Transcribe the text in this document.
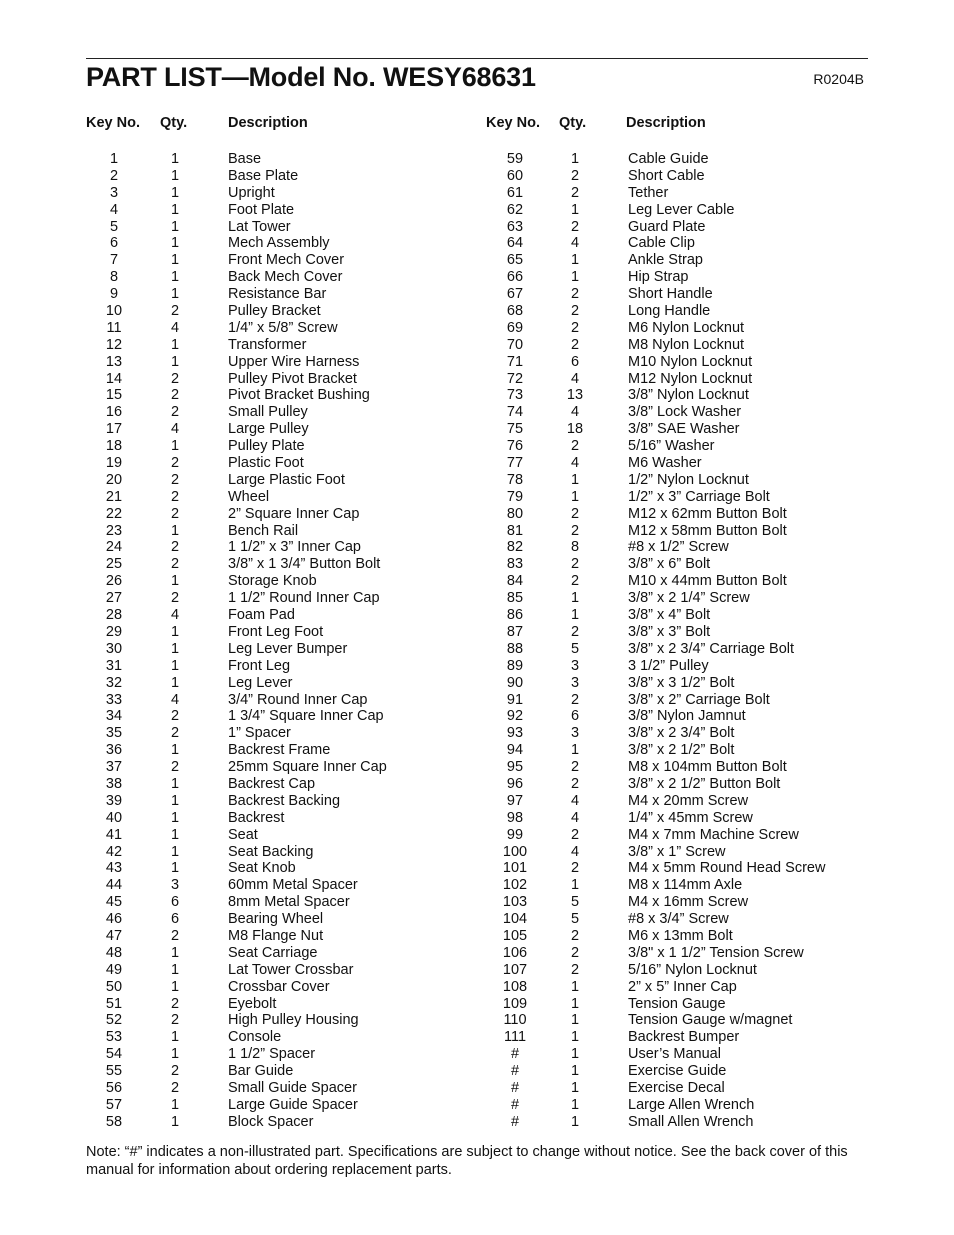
PART LIST—Model No. WESY68631	R0204B
Key No. Qty.	Description
1	1	Base
2	1	Base Plate
3	1	Upright
4	1	Foot Plate
5	1	Lat Tower
6	1	Mech Assembly
7	1	Front Mech Cover
8	1	Back Mech Cover
9	1	Resistance Bar
10	2	Pulley Bracket
11	4	1/4” x 5/8” Screw
12	1	Transformer
13	1	Upper Wire Harness
14	2	Pulley Pivot Bracket
15	2	Pivot Bracket Bushing
16	2	Small Pulley
17	4	Large Pulley
18	1	Pulley Plate
19	2	Plastic Foot
20	2	Large Plastic Foot
21	2	Wheel
22	2	2” Square Inner Cap
23	1	Bench Rail
24	2	1 1/2” x 3” Inner Cap
25	2	3/8” x 1 3/4” Button Bolt
26	1	Storage Knob
27	2	1 1/2” Round Inner Cap
28	4	Foam Pad
29	1	Front Leg Foot
30	1	Leg Lever Bumper
31	1	Front Leg
32	1	Leg Lever
33	4	3/4” Round Inner Cap
34	2	1 3/4” Square Inner Cap
35	2	1” Spacer
36	1	Backrest Frame
37	2	25mm Square Inner Cap
38	1	Backrest Cap
39	1	Backrest Backing
40	1	Backrest
41	1	Seat
42	1	Seat Backing
43	1	Seat Knob
44	3	60mm Metal Spacer
45	6	8mm Metal Spacer
46	6	Bearing Wheel
47	2	M8 Flange Nut
48	1	Seat Carriage
49	1	Lat Tower Crossbar
50	1	Crossbar Cover
51	2	Eyebolt
52	2	High Pulley Housing
53	1	Console
54	1	1 1/2” Spacer
55	2	Bar Guide
56	2	Small Guide Spacer
57	1	Large Guide Spacer
58	1	Block Spacer
Key No. Qty.	Description
59	1	Cable Guide
60	2	Short Cable
61	2	Tether
62	1	Leg Lever Cable
63	2	Guard Plate
64	4	Cable Clip
65	1	Ankle Strap
66	1	Hip Strap
67	2	Short Handle
68	2	Long Handle
69	2	M6 Nylon Locknut
70	2	M8 Nylon Locknut
71	6	M10 Nylon Locknut
72	4	M12 Nylon Locknut
73	13	3/8” Nylon Locknut
74	4	3/8” Lock Washer
75	18	3/8” SAE Washer
76	2	5/16” Washer
77	4	M6 Washer
78	1	1/2” Nylon Locknut
79	1	1/2” x 3” Carriage Bolt
80	2	M12 x 62mm Button Bolt
81	2	M12 x 58mm Button Bolt
82	8	#8 x 1/2” Screw
83	2	3/8” x 6” Bolt
84	2	M10 x 44mm Button Bolt
85	1	3/8” x 2 1/4” Screw
86	1	3/8” x 4” Bolt
87	2	3/8” x 3” Bolt
88	5	3/8” x 2 3/4” Carriage Bolt
89	3	3 1/2” Pulley
90	3	3/8” x 3 1/2” Bolt
91	2	3/8” x 2” Carriage Bolt
92	6	3/8” Nylon Jamnut
93	3	3/8” x 2 3/4” Bolt
94	1	3/8” x 2 1/2” Bolt
95	2	M8 x 104mm Button Bolt
96	2	3/8” x 2 1/2” Button Bolt
97	4	M4 x 20mm Screw
98	4	1/4” x 45mm Screw
99	2	M4 x 7mm Machine Screw
100	4	3/8” x 1” Screw
101	2	M4 x 5mm Round Head Screw
102	1	M8 x 114mm Axle
103	5	M4 x 16mm Screw
104	5	#8 x 3/4” Screw
105	2	M6 x 13mm Bolt
106	2	3/8" x 1 1/2” Tension Screw
107	2	5/16” Nylon Locknut
108	1	2” x 5” Inner Cap
109	1	Tension Gauge
110	1	Tension Gauge w/magnet
111	1	Backrest Bumper
#	1	User’s Manual
#	1	Exercise Guide
#	1	Exercise Decal
#	1	Large Allen Wrench
#	1	Small Allen Wrench

Note: “#” indicates a non-illustrated part. Specifications are subject to change without notice. See the back cover of this manual for information about ordering replacement parts.
